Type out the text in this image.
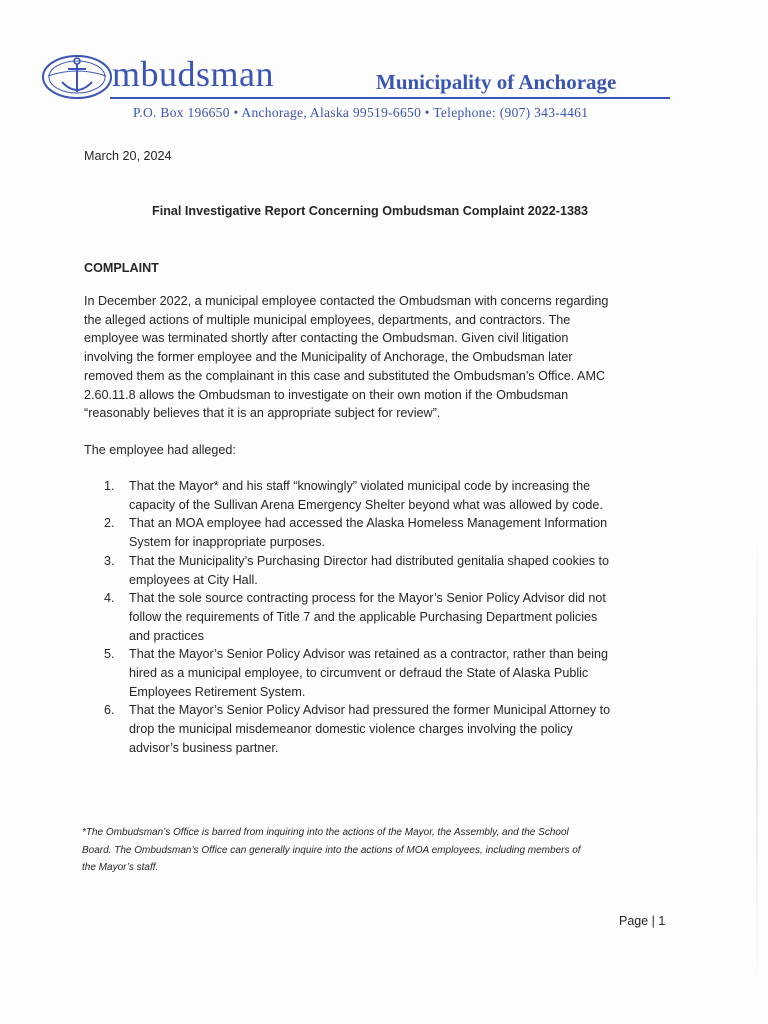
mbudsman	Municipality of Anchorage
P.O. Box 196650 • Anchorage, Alaska 99519-6650 • Telephone: (907) 343-4461
March 20, 2024
Final Investigative Report Concerning Ombudsman Complaint 2022-1383
COMPLAINT
In December 2022, a municipal employee contacted the Ombudsman with concerns regarding
the alleged actions of multiple municipal employees, departments, and contractors. The
employee was terminated shortly after contacting the Ombudsman. Given civil litigation
involving the former employee and the Municipality of Anchorage, the Ombudsman later
removed them as the complainant in this case and substituted the Ombudsman’s Office. AMC
2.60.11.8 allows the Ombudsman to investigate on their own motion if the Ombudsman
“reasonably believes that it is an appropriate subject for review”.
The employee had alleged:
1. That the Mayor* and his staff “knowingly” violated municipal code by increasing the
capacity of the Sullivan Arena Emergency Shelter beyond what was allowed by code.
2. That an MOA employee had accessed the Alaska Homeless Management Information
System for inappropriate purposes.
3. That the Municipality’s Purchasing Director had distributed genitalia shaped cookies to
employees at City Hall.
4. That the sole source contracting process for the Mayor’s Senior Policy Advisor did not
follow the requirements of Title 7 and the applicable Purchasing Department policies
and practices
5. That the Mayor’s Senior Policy Advisor was retained as a contractor, rather than being
hired as a municipal employee, to circumvent or defraud the State of Alaska Public
Employees Retirement System.
6. That the Mayor’s Senior Policy Advisor had pressured the former Municipal Attorney to
drop the municipal misdemeanor domestic violence charges involving the policy
advisor’s business partner.
*The Ombudsman’s Office is barred from inquiring into the actions of the Mayor, the Assembly, and the School
Board. The Ombudsman’s Office can generally inquire into the actions of MOA employees, including members of
the Mayor’s staff.
Page | 1
